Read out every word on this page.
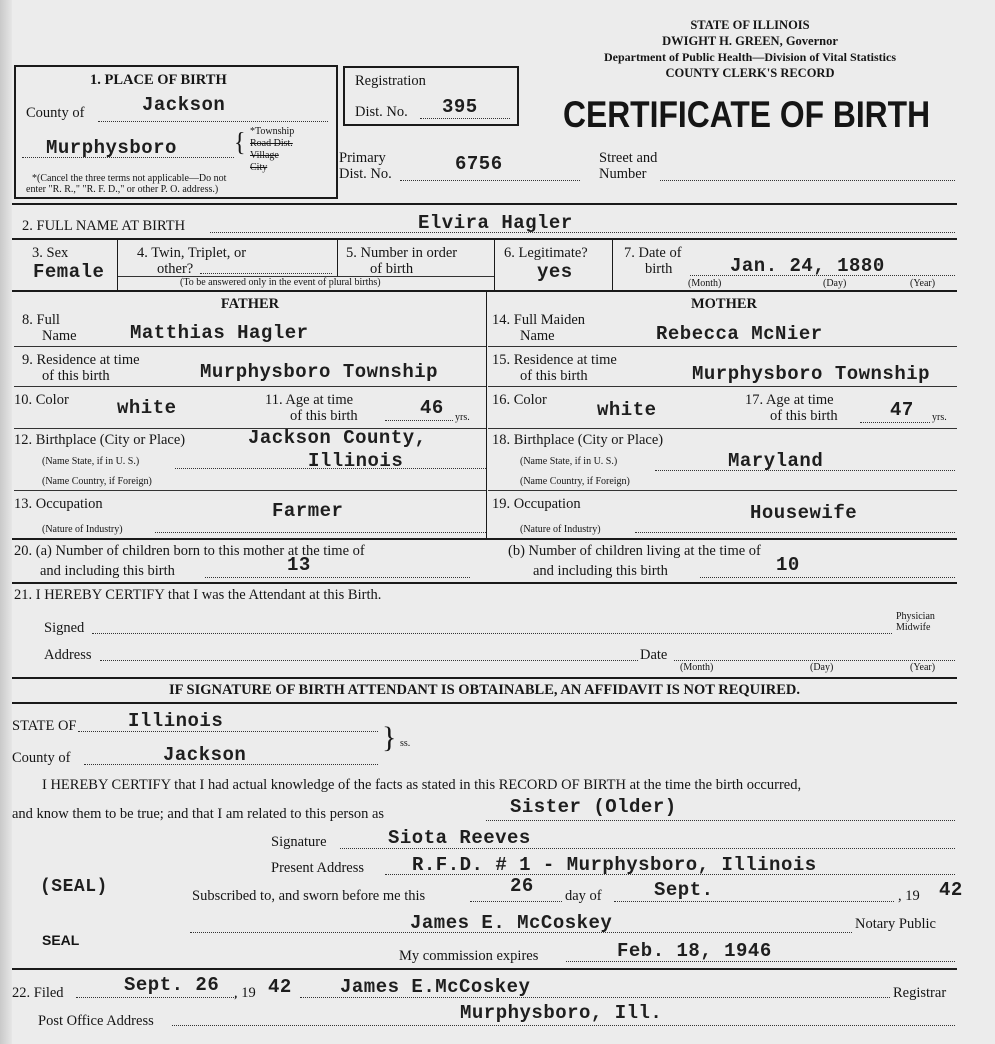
STATE OF ILLINOIS
DWIGHT H. GREEN, Governor
Department of Public Health—Division of Vital Statistics
COUNTY CLERK'S RECORD
CERTIFICATE OF BIRTH
1. PLACE OF BIRTH
County of	Jackson
Murphysboro { *Township
Road Dist.
Village
City
*(Cancel the three terms not applicable—Do not
enter "R. R.," "R. F. D.," or other P. O. address.)
Registration
Dist. No. 395
Primary
Dist. No.	6756	Street and
Number
2. FULL NAME AT BIRTH	Elvira Hagler
3. Sex
Female
4. Twin, Triplet, or
other?
5. Number in order
of birth
(To be answered only in the event of plural births)
6. Legitimate?
yes
7. Date of
birth	Jan. 24, 1880
(Month)	(Day)	(Year)
FATHER	MOTHER
8. Full
Name	Matthias Hagler
9. Residence at time
of this birth	Murphysboro Township
10. Color	white	11. Age at time
of this birth	46 yrs.
12. Birthplace (City or Place)	Jackson County,
(Name State, if in U. S.)	Illinois
(Name Country, if Foreign)
13. Occupation	Farmer
(Nature of Industry)
14. Full Maiden
Name	Rebecca McNier
15. Residence at time
of this birth	Murphysboro Township
16. Color	white	17. Age at time
of this birth	47 yrs.
18. Birthplace (City or Place)
(Name State, if in U. S.)	Maryland
(Name Country, if Foreign)
19. Occupation	Housewife
(Nature of Industry)
20. (a) Number of children born to this mother at the time of
and including this birth	13
(b) Number of children living at the time of
and including this birth	10
21. I HEREBY CERTIFY that I was the Attendant at this Birth.
Physician
Midwife
Signed
Address	Date
(Month)	(Day)	(Year)
IF SIGNATURE OF BIRTH ATTENDANT IS OBTAINABLE, AN AFFIDAVIT IS NOT REQUIRED.
STATE OF	Illinois
County of	Jackson
} ss.
I HEREBY CERTIFY that I had actual knowledge of the facts as stated in this RECORD OF BIRTH at the time the birth occurred,
and know them to be true; and that I am related to this person as	Sister (Older)
Signature	Siota Reeves
Present Address	R.F.D. # 1 - Murphysboro, Illinois
(SEAL)	Subscribed to, and sworn before me this	26 day of	Sept.	, 19 42
James E. McCoskey	Notary Public
SEAL
My commission expires	Feb. 18, 1946
22. Filed	Sept. 26 , 19 42	James E.McCoskey	Registrar
Post Office Address	Murphysboro, Ill.
